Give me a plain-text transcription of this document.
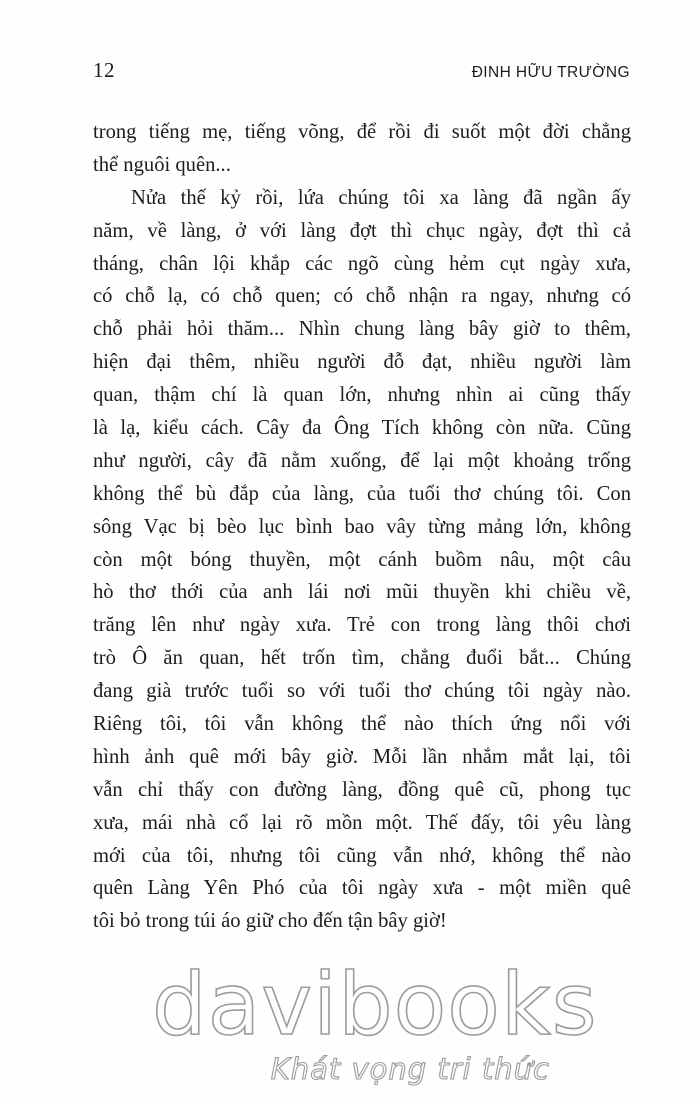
12	ĐINH HỮU TRƯỜNG
trong tiếng mẹ, tiếng võng, để rồi đi suốt một đời chẳng
thể nguôi quên...
Nửa thế kỷ rồi, lứa chúng tôi xa làng đã ngần ấy
năm, về làng, ở với làng đợt thì chục ngày, đợt thì cả
tháng, chân lội khắp các ngõ cùng hẻm cụt ngày xưa,
có chỗ lạ, có chỗ quen; có chỗ nhận ra ngay, nhưng có
chỗ phải hỏi thăm... Nhìn chung làng bây giờ to thêm,
hiện đại thêm, nhiều người đỗ đạt, nhiều người làm
quan, thậm chí là quan lớn, nhưng nhìn ai cũng thấy
là lạ, kiểu cách. Cây đa Ông Tích không còn nữa. Cũng
như người, cây đã nằm xuống, để lại một khoảng trống
không thể bù đắp của làng, của tuổi thơ chúng tôi. Con
sông Vạc bị bèo lục bình bao vây từng mảng lớn, không
còn một bóng thuyền, một cánh buồm nâu, một câu
hò thơ thới của anh lái nơi mũi thuyền khi chiều về,
trăng lên như ngày xưa. Trẻ con trong làng thôi chơi
trò Ô ăn quan, hết trốn tìm, chẳng đuổi bắt... Chúng
đang già trước tuổi so với tuổi thơ chúng tôi ngày nào.
Riêng tôi, tôi vẫn không thể nào thích ứng nổi với
hình ảnh quê mới bây giờ. Mỗi lần nhắm mắt lại, tôi
vẫn chỉ thấy con đường làng, đồng quê cũ, phong tục
xưa, mái nhà cổ lại rõ mồn một. Thế đấy, tôi yêu làng
mới của tôi, nhưng tôi cũng vẫn nhớ, không thể nào
quên Làng Yên Phó của tôi ngày xưa - một miền quê
tôi bỏ trong túi áo giữ cho đến tận bây giờ!
davibooks
Khát vọng tri thức
